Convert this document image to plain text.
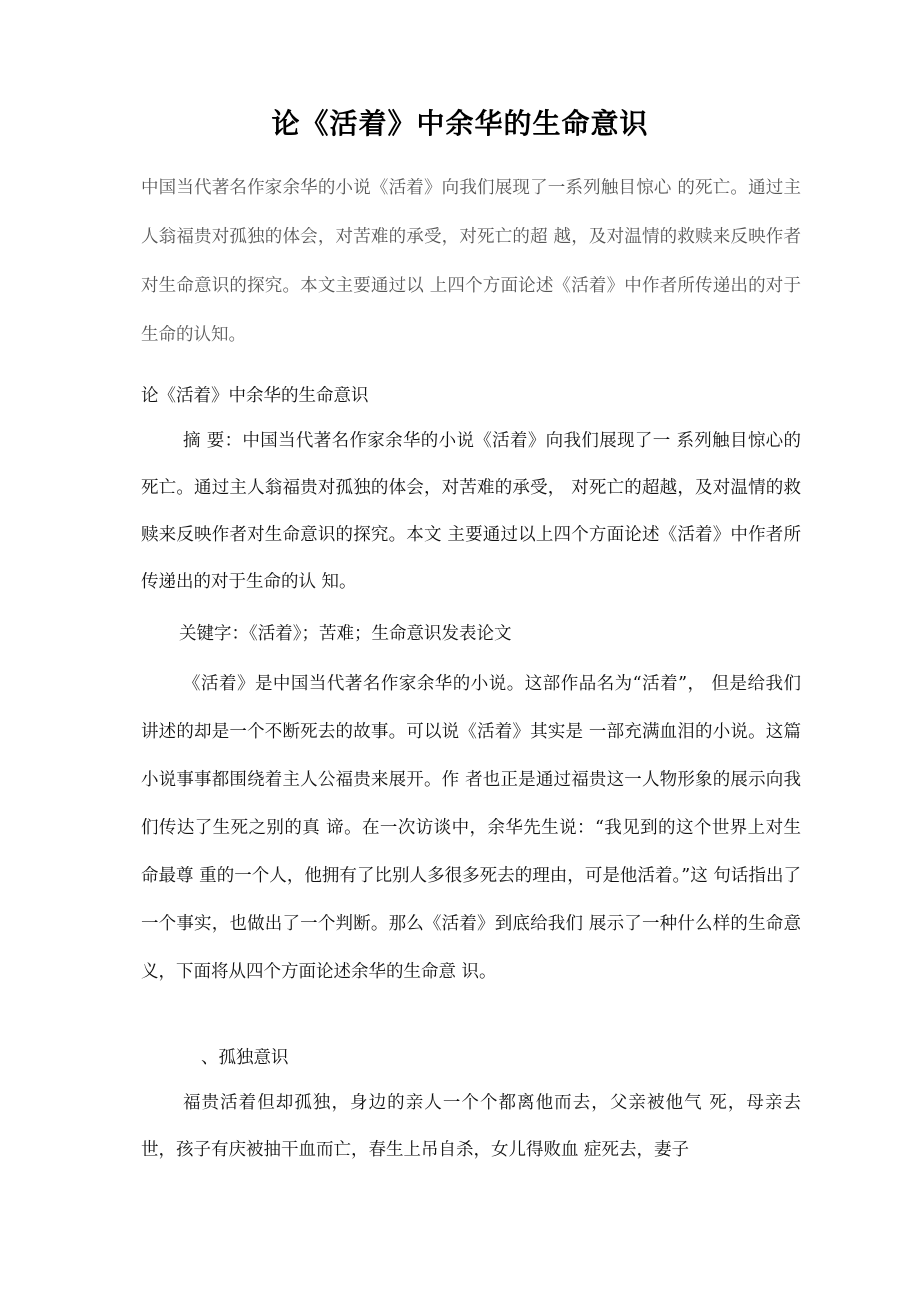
论《活着》中余华的生命意识
中国当代著名作家余华的小说《活着》向我们展现了一系列触目惊心 的死亡。通过主人翁福贵对孤独的体会，对苦难的承受，对死亡的超 越，及对温情的救赎来反映作者对生命意识的探究。本文主要通过以 上四个方面论述《活着》中作者所传递出的对于生命的认知。
论《活着》中余华的生命意识
摘 要：中国当代著名作家余华的小说《活着》向我们展现了一 系列触目惊心的死亡。通过主人翁福贵对孤独的体会，对苦难的承受， 对死亡的超越，及对温情的救赎来反映作者对生命意识的探究。本文 主要通过以上四个方面论述《活着》中作者所传递出的对于生命的认 知。
关键字：《活着》；苦难；生命意识发表论文
《活着》是中国当代著名作家余华的小说。这部作品名为“活着”， 但是给我们讲述的却是一个不断死去的故事。可以说《活着》其实是 一部充满血泪的小说。这篇小说事事都围绕着主人公福贵来展开。作 者也正是通过福贵这一人物形象的展示向我们传达了生死之别的真 谛。在一次访谈中，余华先生说：“我见到的这个世界上对生命最尊 重的一个人，他拥有了比别人多很多死去的理由，可是他活着。”这 句话指出了一个事实，也做出了一个判断。那么《活着》到底给我们 展示了一种什么样的生命意义，下面将从四个方面论述余华的生命意 识。
、孤独意识
福贵活着但却孤独，身边的亲人一个个都离他而去，父亲被他气 死，母亲去世，孩子有庆被抽干血而亡，春生上吊自杀，女儿得败血 症死去，妻子
